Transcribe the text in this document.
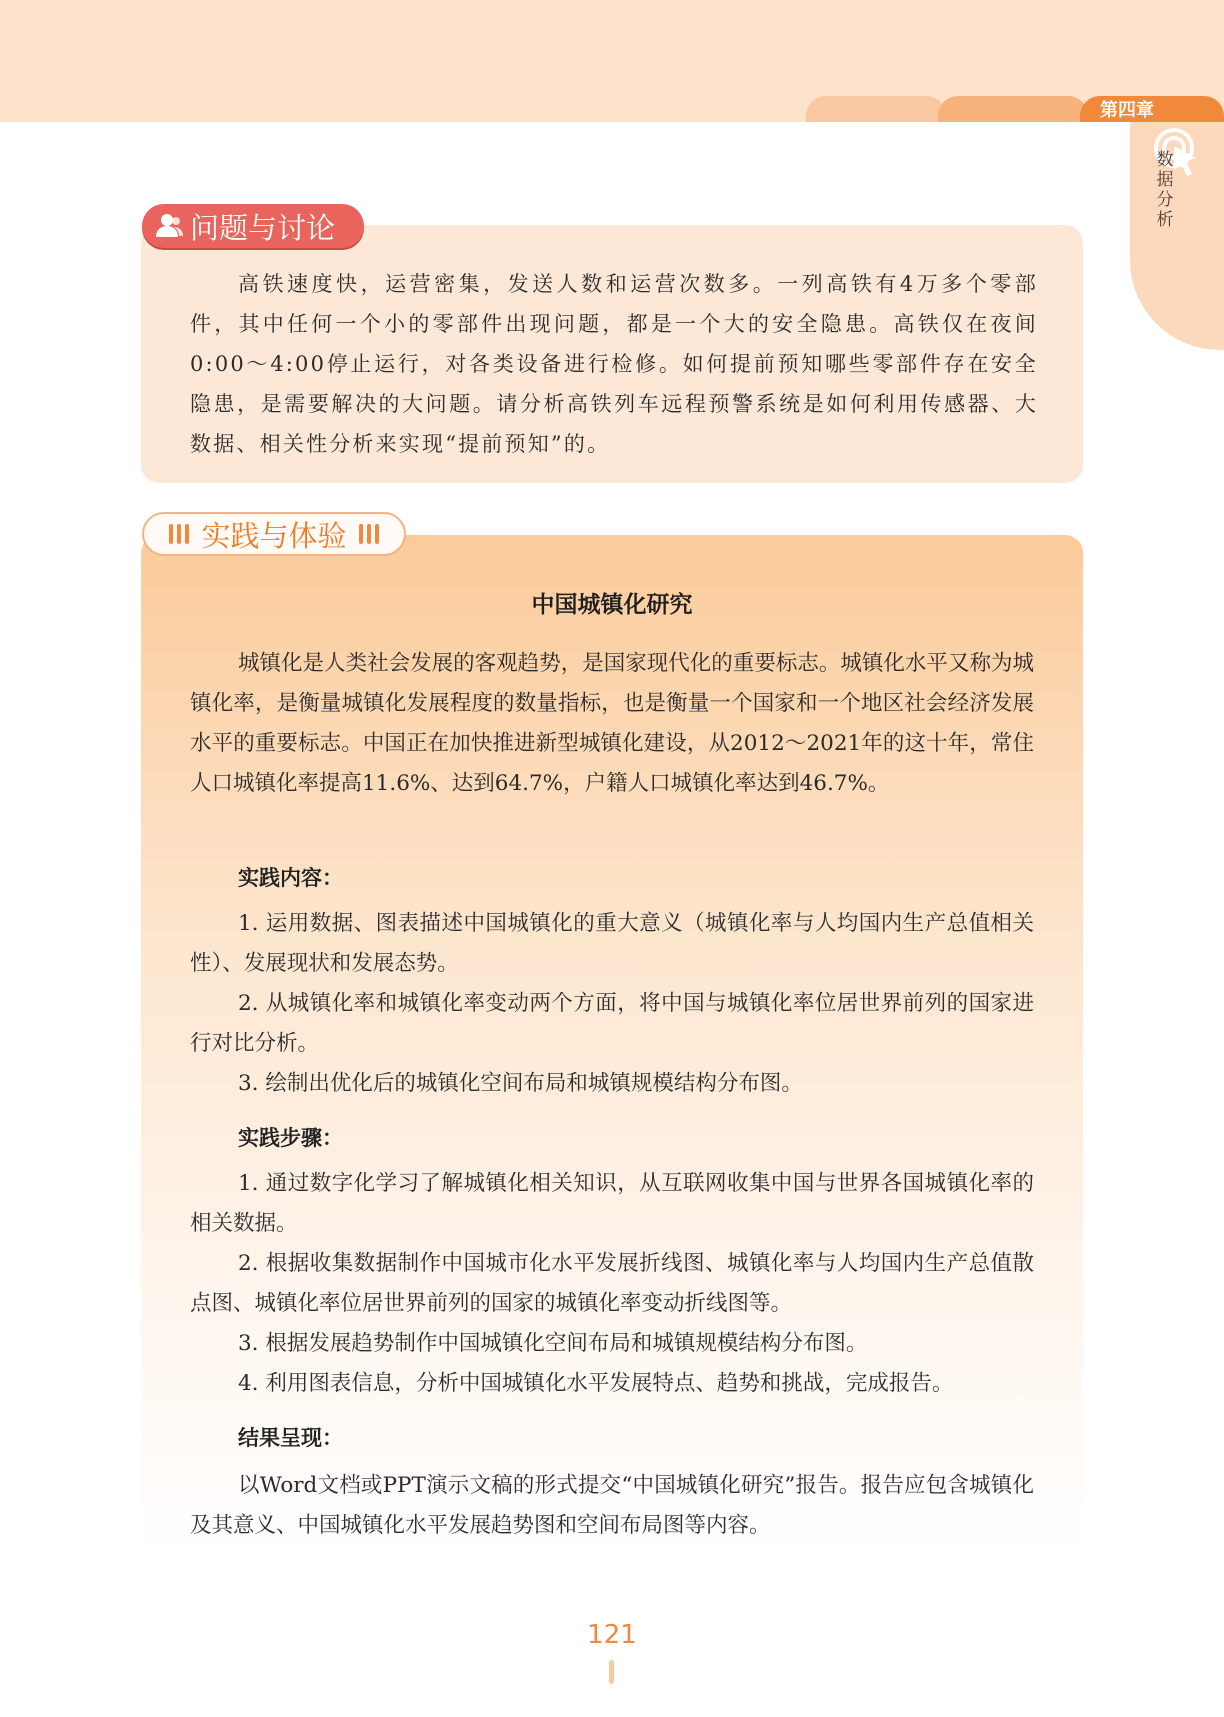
第四章
数据分析
问题与讨论

高铁速度快，运营密集，发送人数和运营次数多。一列高铁有4万多个零部件，其中任何一个小的零部件出现问题，都是一个大的安全隐患。高铁仅在夜间0:00～4:00停止运行，对各类设备进行检修。如何提前预知哪些零部件存在安全隐患，是需要解决的大问题。请分析高铁列车远程预警系统是如何利用传感器、大数据、相关性分析来实现“提前预知”的。

实践与体验
中国城镇化研究

城镇化是人类社会发展的客观趋势，是国家现代化的重要标志。城镇化水平又称为城镇化率，是衡量城镇化发展程度的数量指标，也是衡量一个国家和一个地区社会经济发展水平的重要标志。中国正在加快推进新型城镇化建设，从2012～2021年的这十年，常住人口城镇化率提高11.6%、达到64.7%，户籍人口城镇化率达到46.7%。

实践内容：

1. 运用数据、图表描述中国城镇化的重大意义（城镇化率与人均国内生产总值相关性）、发展现状和发展态势。

2. 从城镇化率和城镇化率变动两个方面，将中国与城镇化率位居世界前列的国家进行对比分析。

3. 绘制出优化后的城镇化空间布局和城镇规模结构分布图。

实践步骤：

1. 通过数字化学习了解城镇化相关知识，从互联网收集中国与世界各国城镇化率的相关数据。

2. 根据收集数据制作中国城市化水平发展折线图、城镇化率与人均国内生产总值散点图、城镇化率位居世界前列的国家的城镇化率变动折线图等。

3. 根据发展趋势制作中国城镇化空间布局和城镇规模结构分布图。

4. 利用图表信息，分析中国城镇化水平发展特点、趋势和挑战，完成报告。

结果呈现：

以Word文档或PPT演示文稿的形式提交“中国城镇化研究”报告。报告应包含城镇化及其意义、中国城镇化水平发展趋势图和空间布局图等内容。

121
